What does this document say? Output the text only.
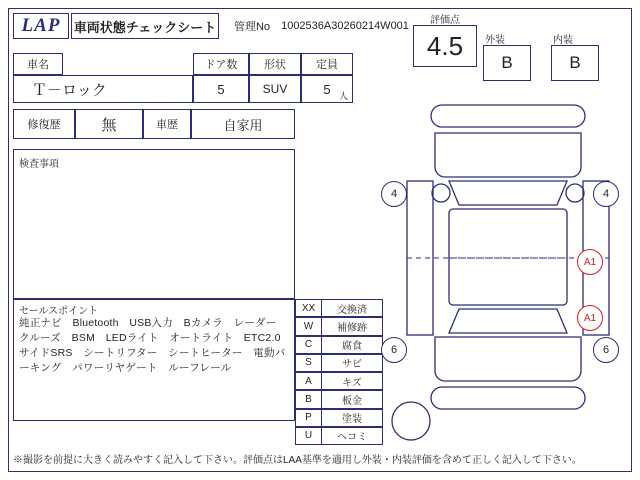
LAP	車両状態チェックシート	管理No	1002536A30260214W001	評価点
4.5	外装
B
内装
B
車名	ドア数	形状	定員
Ｔ－ロック	5	SUV	5 人
修復歴	無	車歴	自家用
検査事項
セールスポイント
純正ナビ　Bluetooth　USB入力　Bカメラ　レーダークルーズ　BSM　LEDライト　オートライト　ETC2.0　サイドSRS　シートリフター　シートヒーター　電動パーキング　パワーリヤゲート　ルーフレール
XX	交換済
W	補修跡
C	腐食
S	サビ
A	キズ
B	板金
P	塗装
U	ヘコミ
4	4
A1
A1
6	6
※撮影を前提に大きく読みやすく記入して下さい。評価点はLAA基準を適用し外装・内装評価を含めて正しく記入して下さい。
